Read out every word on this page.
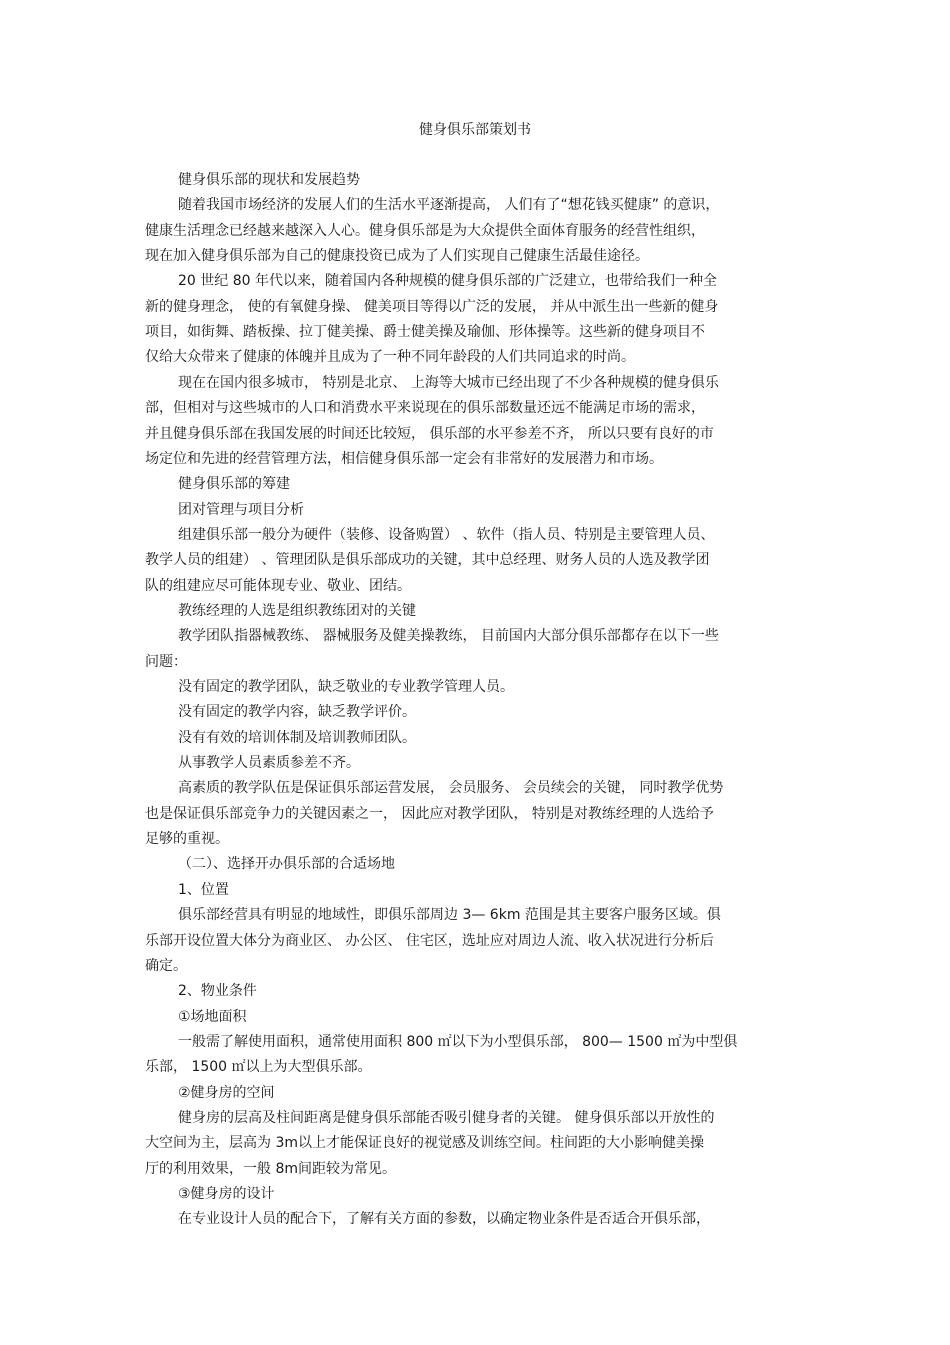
健身俱乐部策划书
健身俱乐部的现状和发展趋势
随着我国市场经济的发展人们的生活水平逐渐提高， 人们有了“想花钱买健康” 的意识，
健康生活理念已经越来越深入人心。健身俱乐部是为大众提供全面体育服务的经营性组织，
现在加入健身俱乐部为自己的健康投资已成为了人们实现自己健康生活最佳途径。
20 世纪 80 年代以来，随着国内各种规模的健身俱乐部的广泛建立，也带给我们一种全
新的健身理念， 使的有氧健身操、 健美项目等得以广泛的发展， 并从中派生出一些新的健身
项目，如街舞、踏板操、拉丁健美操、爵士健美操及瑜伽、形体操等。这些新的健身项目不
仅给大众带来了健康的体魄并且成为了一种不同年龄段的人们共同追求的时尚。
现在在国内很多城市， 特别是北京、 上海等大城市已经出现了不少各种规模的健身俱乐
部，但相对与这些城市的人口和消费水平来说现在的俱乐部数量还远不能满足市场的需求，
并且健身俱乐部在我国发展的时间还比较短， 俱乐部的水平参差不齐， 所以只要有良好的市
场定位和先进的经营管理方法，相信健身俱乐部一定会有非常好的发展潜力和市场。
健身俱乐部的筹建
团对管理与项目分析
组建俱乐部一般分为硬件（装修、设备购置） 、软件（指人员、特别是主要管理人员、
教学人员的组建） 、管理团队是俱乐部成功的关键，其中总经理、财务人员的人选及教学团
队的组建应尽可能体现专业、敬业、团结。
教练经理的人选是组织教练团对的关键
教学团队指器械教练、 器械服务及健美操教练， 目前国内大部分俱乐部都存在以下一些
问题：
没有固定的教学团队，缺乏敬业的专业教学管理人员。
没有固定的教学内容，缺乏教学评价。
没有有效的培训体制及培训教师团队。
从事教学人员素质参差不齐。
高素质的教学队伍是保证俱乐部运营发展， 会员服务、 会员续会的关键， 同时教学优势
也是保证俱乐部竞争力的关键因素之一， 因此应对教学团队， 特别是对教练经理的人选给予
足够的重视。
（二）、选择开办俱乐部的合适场地
1、位置
俱乐部经营具有明显的地域性，即俱乐部周边 3— 6km 范围是其主要客户服务区域。俱
乐部开设位置大体分为商业区、 办公区、 住宅区，选址应对周边人流、收入状况进行分析后
确定。
2、物业条件
①场地面积
一般需了解使用面积，通常使用面积 800 ㎡以下为小型俱乐部， 800— 1500 ㎡为中型俱
乐部， 1500 ㎡以上为大型俱乐部。
②健身房的空间
健身房的层高及柱间距离是健身俱乐部能否吸引健身者的关键。 健身俱乐部以开放性的
大空间为主，层高为 3m以上才能保证良好的视觉感及训练空间。柱间距的大小影响健美操
厅的利用效果，一般 8m间距较为常见。
③健身房的设计
在专业设计人员的配合下，了解有关方面的参数，以确定物业条件是否适合开俱乐部，
